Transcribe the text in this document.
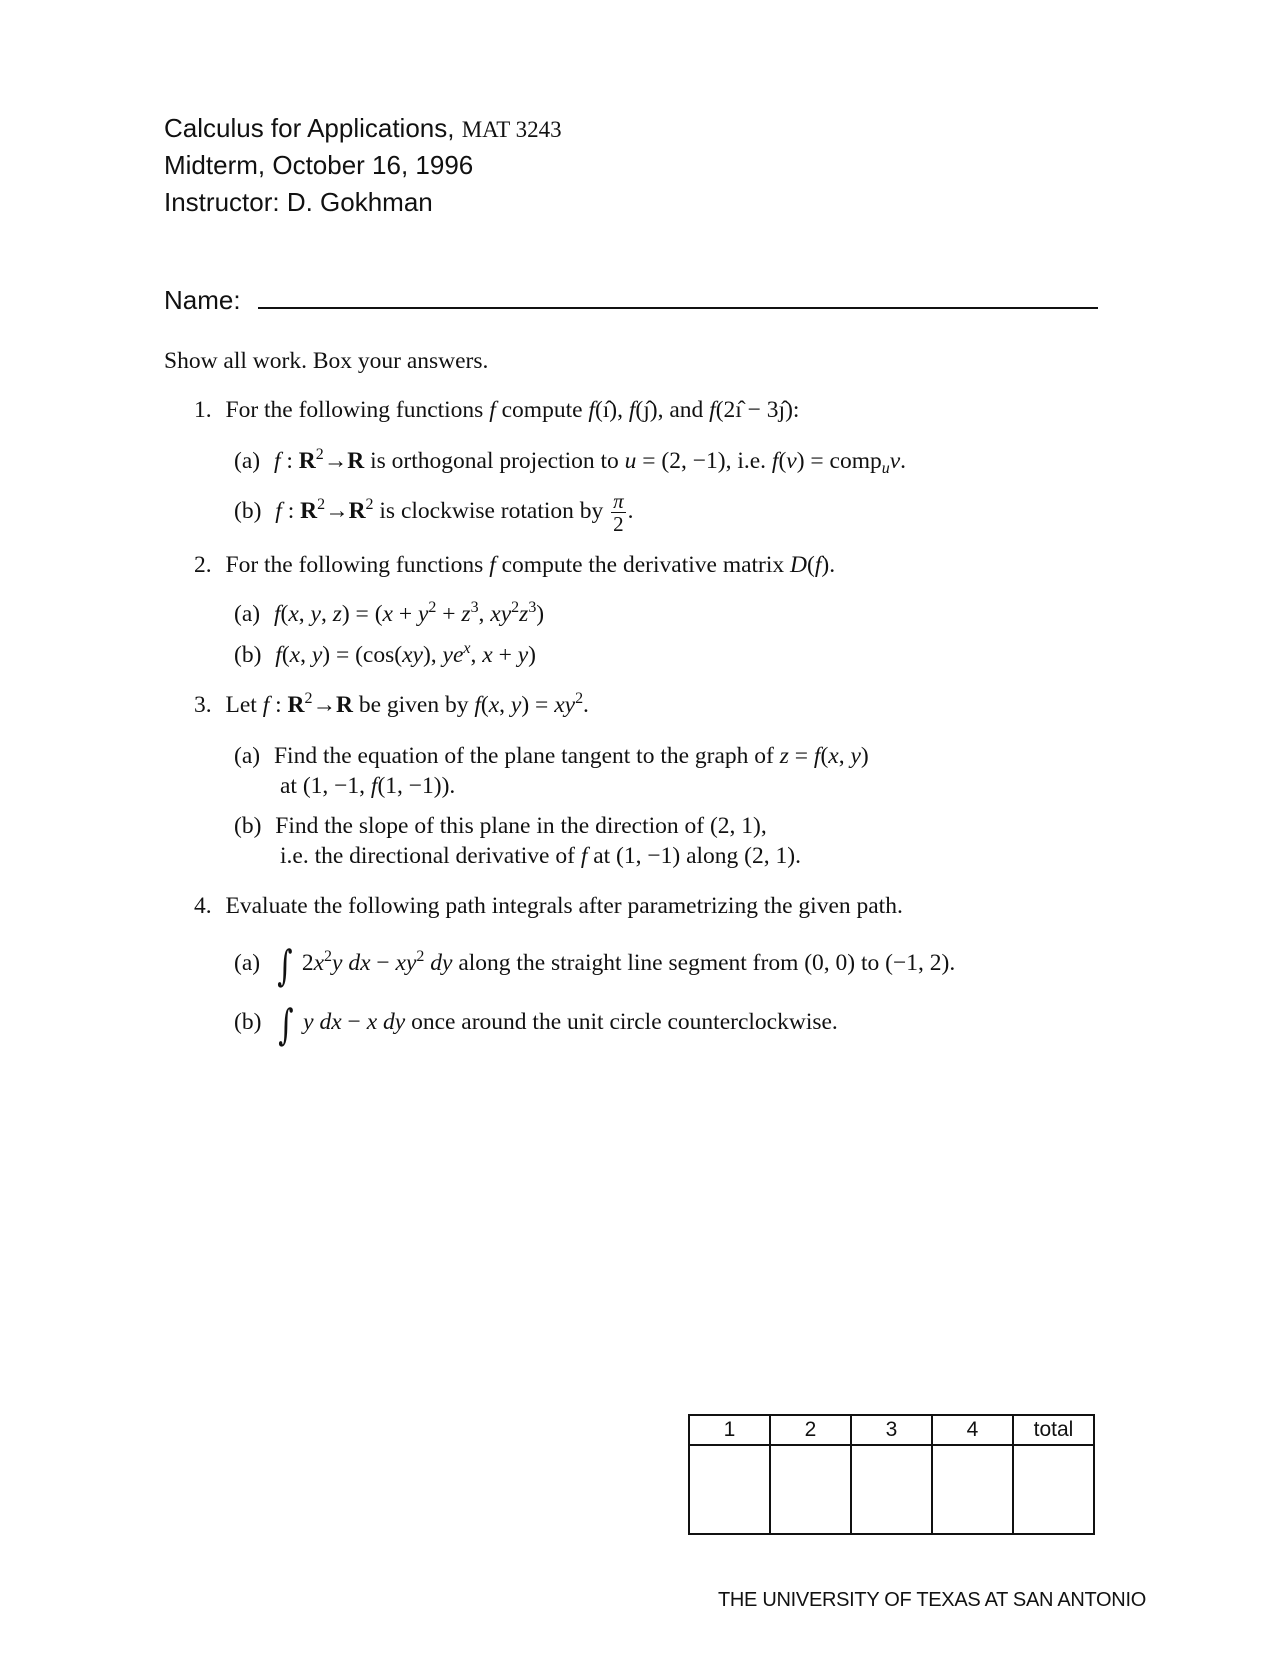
Calculus for Applications, MAT 3243
Midterm, October 16, 1996
Instructor: D. Gokhman
Name:
Show all work. Box your answers.
1. For the following functions f compute f(ı̂), f(ȷ̂), and f(2ı̂ − 3ȷ̂):
(a) f : $R^2\to R$ is orthogonal projection to u = (2, −1), i.e. f(v) = comp$_u$v.
(b) f : $R^2\to R^2$ is clockwise rotation by $\frac{\pi}{2}$ .
2. For the following functions f compute the derivative matrix D(f).
(a) f(x, y, $z) = (x + y^2 + z^3$, $xy^2z^3$)
(b) f(x, y) = (cos(xy), $ye^x$, x + y)
3. Let f : $R^2\to R$ be given by f(x, $y) = xy^2$.
(a) Find the equation of the plane tangent to the graph of z = f(x, y)
at (1, −1, f(1, −1)).
(b) Find the slope of this plane in the direction of (2, 1),
i.e. the directional derivative of f at (1, −1) along (2, 1).
4. Evaluate the following path integrals after parametrizing the given path.
(a) ∫ $2x^2y$ dx − $xy^2$ dy along the straight line segment from (0, 0) to (−1, 2).
(b) ∫ y dx − x dy once around the unit circle counterclockwise.
1	2	3	4	total

THE UNIVERSITY OF TEXAS AT SAN ANTONIO
